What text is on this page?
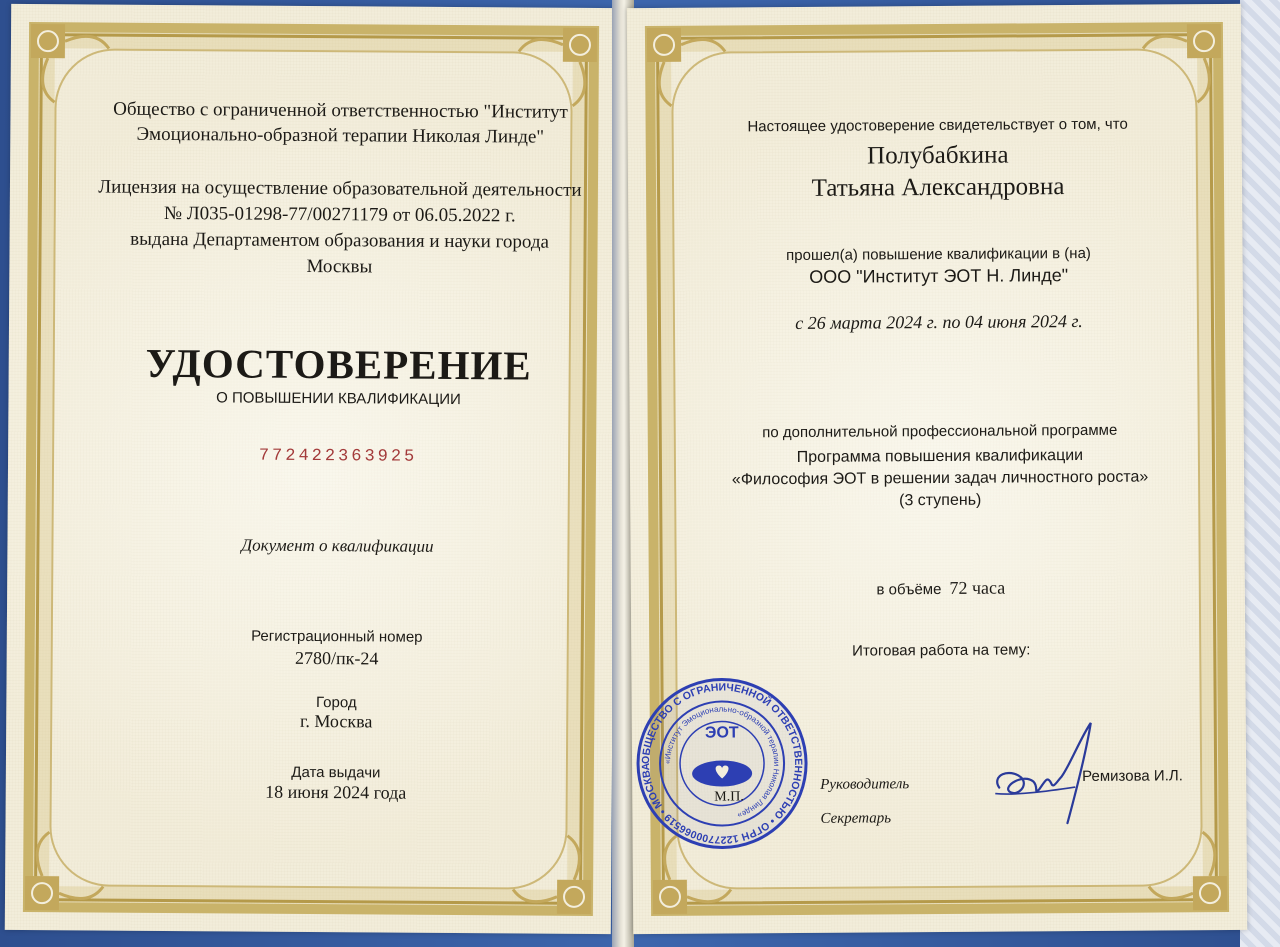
Общество с ограниченной ответственностью "Институт
Эмоционально-образной терапии Николая Линде"
Лицензия на осуществление образовательной деятельности
№ Л035-01298-77/00271179 от 06.05.2022 г.
выдана Департаментом образования и науки города
Москвы
УДОСТОВЕРЕНИЕ
О ПОВЫШЕНИИ КВАЛИФИКАЦИИ
772422363925
Документ о квалификации
Регистрационный номер
2780/пк-24
Город
г. Москва
Дата выдачи
18 июня 2024 года
Настоящее удостоверение свидетельствует о том, что
Полубабкина
Татьяна Александровна
прошел(а) повышение квалификации в (на)
ООО "Институт ЭОТ Н. Линде"
с 26 марта 2024 г. по 04 июня 2024 г.
по дополнительной профессиональной программе
Программа повышения квалификации
«Философия ЭОТ в решении задач личностного роста»
(3 ступень)
в объёме 72 часа
Итоговая работа на тему:
ЭОТ
ОБЩЕСТВО С ОГРАНИЧЕННОЙ ОТВЕТСТВЕННОСТЬЮ • ОГРН 1227700066519 • МОСКВА
«Институт Эмоционально-образной терапии Николая Линде»
М.П.
Руководитель
Секретарь
Ремизова И.Л.
